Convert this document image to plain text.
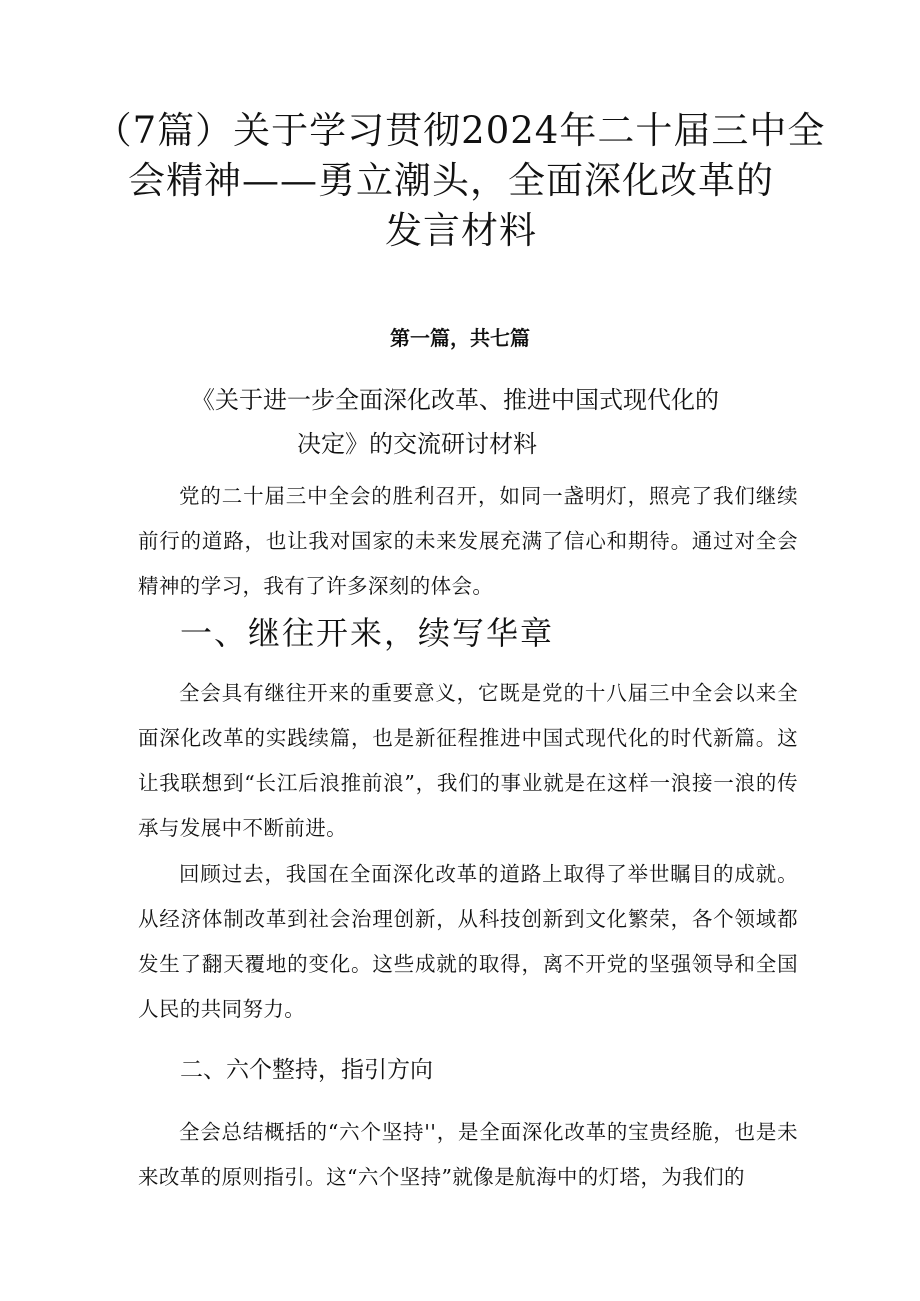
（7篇）关于学习贯彻2024年二十届三中全
会精神——勇立潮头，全面深化改革的
发言材料
第一篇，共七篇
《关于进一步全面深化改革、推进中国式现代化的
决定》的交流研讨材料

党的二十届三中全会的胜利召开，如同一盏明灯，照亮了我们继续前行的道路，也让我对国家的未来发展充满了信心和期待。通过对全会精神的学习，我有了许多深刻的体会。

一、继往开来，续写华章

全会具有继往开来的重要意义，它既是党的十八届三中全会以来全面深化改革的实践续篇，也是新征程推进中国式现代化的时代新篇。这让我联想到“长江后浪推前浪”，我们的事业就是在这样一浪接一浪的传承与发展中不断前进。

回顾过去，我国在全面深化改革的道路上取得了举世瞩目的成就。从经济体制改革到社会治理创新，从科技创新到文化繁荣，各个领域都发生了翻天覆地的变化。这些成就的取得，离不开党的坚强领导和全国人民的共同努力。

二、六个整持，指引方向

全会总结概括的“六个坚持''，是全面深化改革的宝贵经脆，也是未来改革的原则指引。这“六个坚持”就像是航海中的灯塔，为我们的
